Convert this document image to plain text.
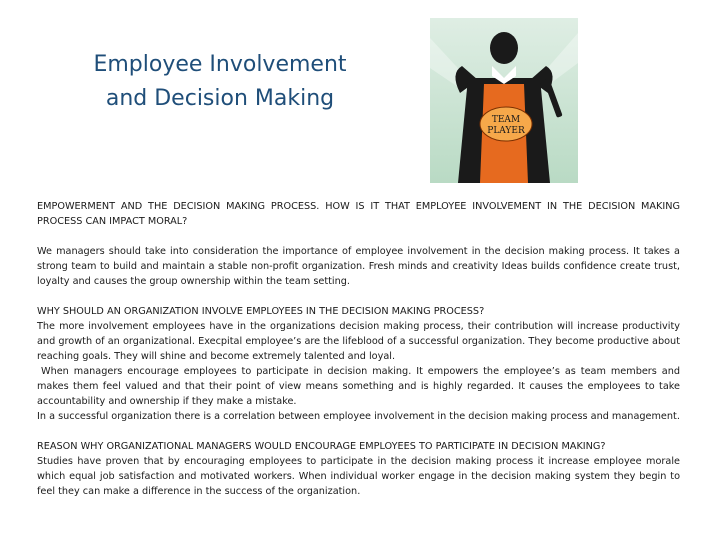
Employee Involvement
and Decision Making
TEAM
PLAYER

EMPOWERMENT AND THE DECISION MAKING PROCESS. HOW IS IT THAT EMPLOYEE INVOLVEMENT IN THE DECISION MAKING PROCESS CAN IMPACT MORAL?

We managers should take into consideration the importance of employee involvement in the decision making process. It takes a strong team to build and maintain a stable non-profit organization. Fresh minds and creativity Ideas builds confidence create trust, loyalty and causes the group ownership within the team setting.

WHY SHOULD AN ORGANIZATION INVOLVE EMPLOYEES IN THE DECISION MAKING PROCESS?

The more involvement employees have in the organizations decision making process, their contribution will increase productivity and growth of an organizational. Execpital employee’s are the lifeblood of a successful organization. They become productive about reaching goals. They will shine and become extremely talented and loyal.

When managers encourage employees to participate in decision making. It empowers the employee’s as team members and makes them feel valued and that their point of view means something and is highly regarded. It causes the employees to take accountability and ownership if they make a mistake.

In a successful organization there is a correlation between employee involvement in the decision making process and management.

REASON WHY ORGANIZATIONAL MANAGERS WOULD ENCOURAGE EMPLOYEES TO PARTICIPATE IN DECISION MAKING?

Studies have proven that by encouraging employees to participate in the decision making process it increase employee morale which equal job satisfaction and motivated workers. When individual worker engage in the decision making system they begin to feel they can make a difference in the success of the organization.
